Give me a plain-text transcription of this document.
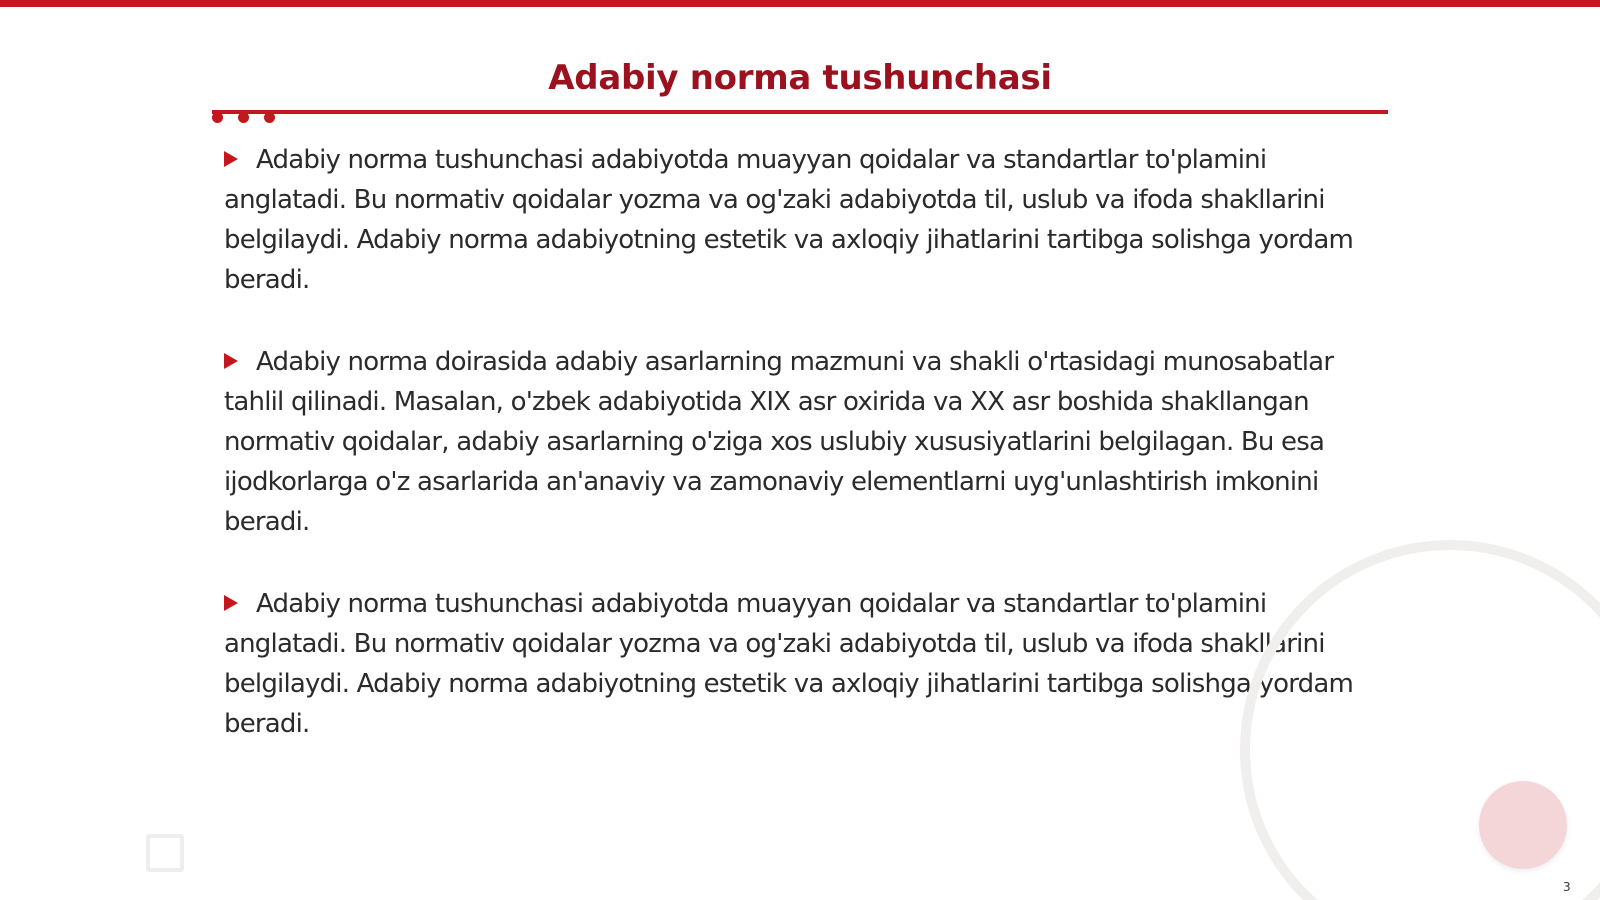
Adabiy norma tushunchasi

Adabiy norma tushunchasi adabiyotda muayyan qoidalar va standartlar to'plamini anglatadi. Bu normativ qoidalar yozma va og'zaki adabiyotda til, uslub va ifoda shakllarini belgilaydi. Adabiy norma adabiyotning estetik va axloqiy jihatlarini tartibga solishga yordam beradi.

Adabiy norma doirasida adabiy asarlarning mazmuni va shakli o'rtasidagi munosabatlar tahlil qilinadi. Masalan, o'zbek adabiyotida XIX asr oxirida va XX asr boshida shakllangan normativ qoidalar, adabiy asarlarning o'ziga xos uslubiy xususiyatlarini belgilagan. Bu esa ijodkorlarga o'z asarlarida an'anaviy va zamonaviy elementlarni uyg'unlashtirish imkonini beradi.

Adabiy norma tushunchasi adabiyotda muayyan qoidalar va standartlar to'plamini anglatadi. Bu normativ qoidalar yozma va og'zaki adabiyotda til, uslub va ifoda shakllarini belgilaydi. Adabiy norma adabiyotning estetik va axloqiy jihatlarini tartibga solishga yordam beradi.

3
